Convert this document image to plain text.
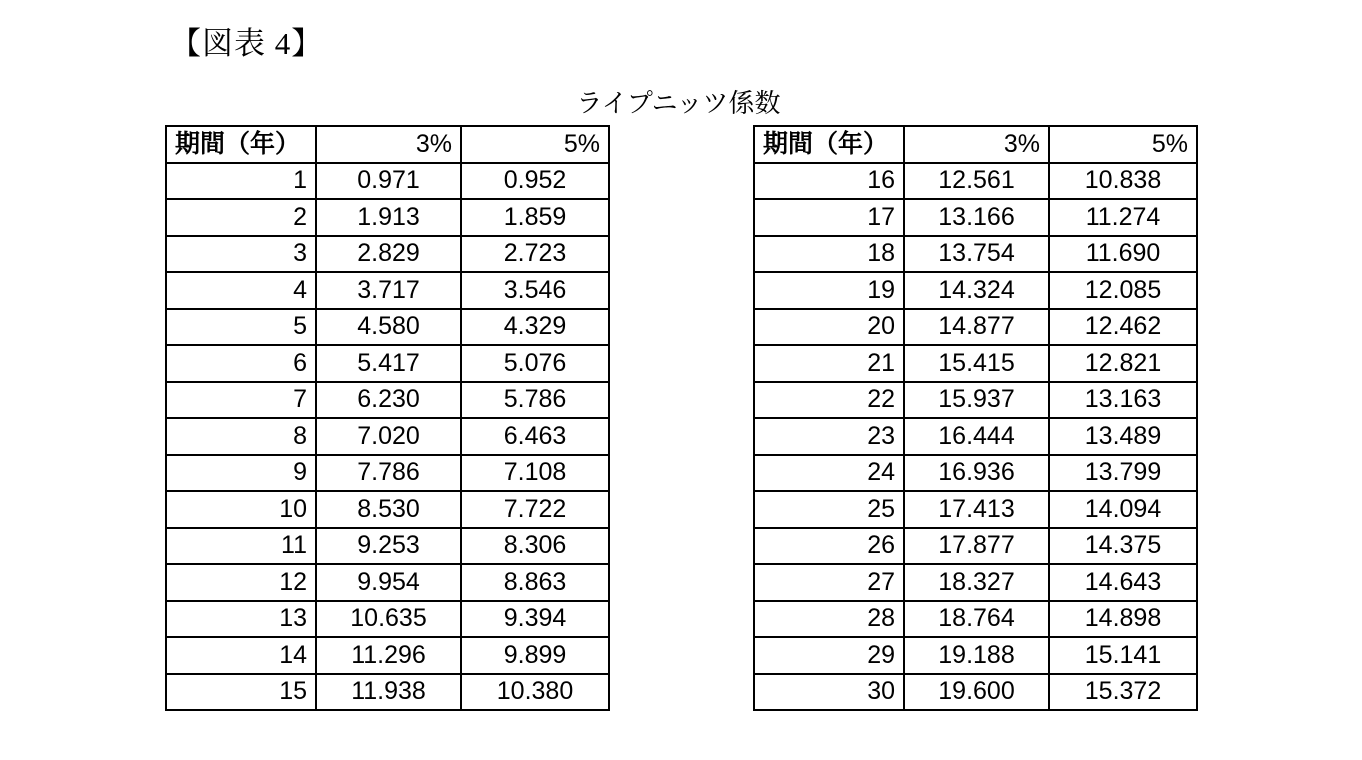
【図表 4】
ライプニッツ係数
期間（年）	3%	5%
1	0.971	0.952
2	1.913	1.859
3	2.829	2.723
4	3.717	3.546
5	4.580	4.329
6	5.417	5.076
7	6.230	5.786
8	7.020	6.463
9	7.786	7.108
10	8.530	7.722
11	9.253	8.306
12	9.954	8.863
13	10.635	9.394
14	11.296	9.899
15	11.938	10.380
期間（年）	3%	5%
16	12.561	10.838
17	13.166	11.274
18	13.754	11.690
19	14.324	12.085
20	14.877	12.462
21	15.415	12.821
22	15.937	13.163
23	16.444	13.489
24	16.936	13.799
25	17.413	14.094
26	17.877	14.375
27	18.327	14.643
28	18.764	14.898
29	19.188	15.141
30	19.600	15.372
